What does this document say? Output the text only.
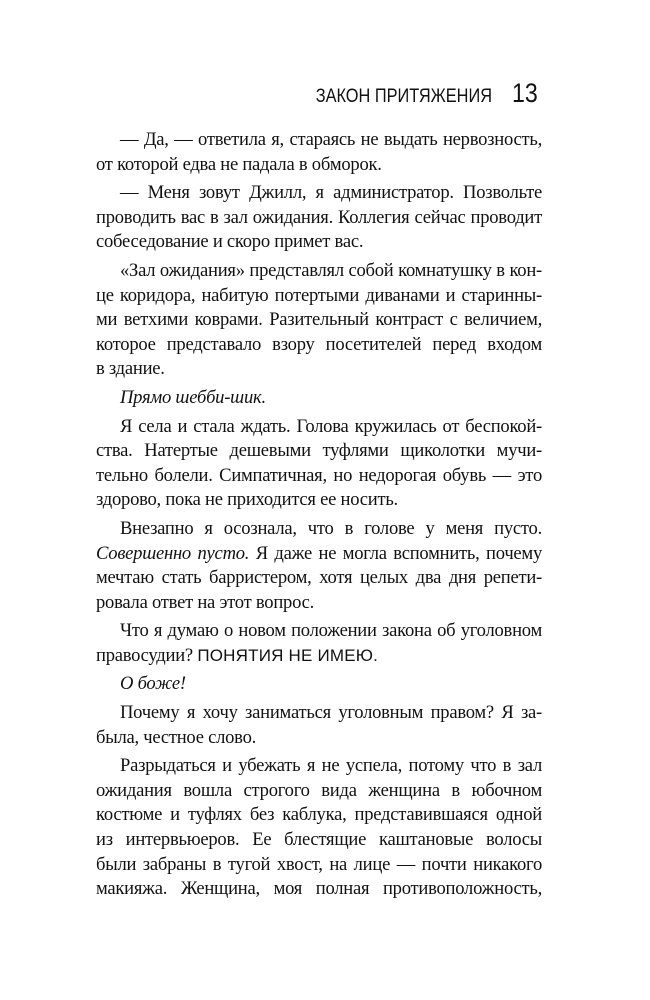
ЗАКОН ПРИТЯЖЕНИЯ 13
— Да, — ответила я, стараясь не выдать нервозность,
от которой едва не падала в обморок.
— Меня зовут Джилл, я администратор. Позвольте
проводить вас в зал ожидания. Коллегия сейчас проводит
собеседование и скоро примет вас.
«Зал ожидания» представлял собой комнатушку в кон-
це коридора, набитую потертыми диванами и старинны-
ми ветхими коврами. Разительный контраст с величием,
которое представало взору посетителей перед входом
в здание.
Прямо шебби-шик.
Я села и стала ждать. Голова кружилась от беспокой-
ства. Натертые дешевыми туфлями щиколотки мучи-
тельно болели. Симпатичная, но недорогая обувь — это
здорово, пока не приходится ее носить.
Внезапно я осознала, что в голове у меня пусто.
Совершенно пусто. Я даже не могла вспомнить, почему
мечтаю стать барристером, хотя целых два дня репети-
ровала ответ на этот вопрос.
Что я думаю о новом положении закона об уголовном
правосудии? ПОНЯТИЯ НЕ ИМЕЮ.
О боже!
Почему я хочу заниматься уголовным правом? Я за-
была, честное слово.
Разрыдаться и убежать я не успела, потому что в зал
ожидания вошла строгого вида женщина в юбочном
костюме и туфлях без каблука, представившаяся одной
из интервьюеров. Ее блестящие каштановые волосы
были забраны в тугой хвост, на лице — почти никакого
макияжа. Женщина, моя полная противоположность,
